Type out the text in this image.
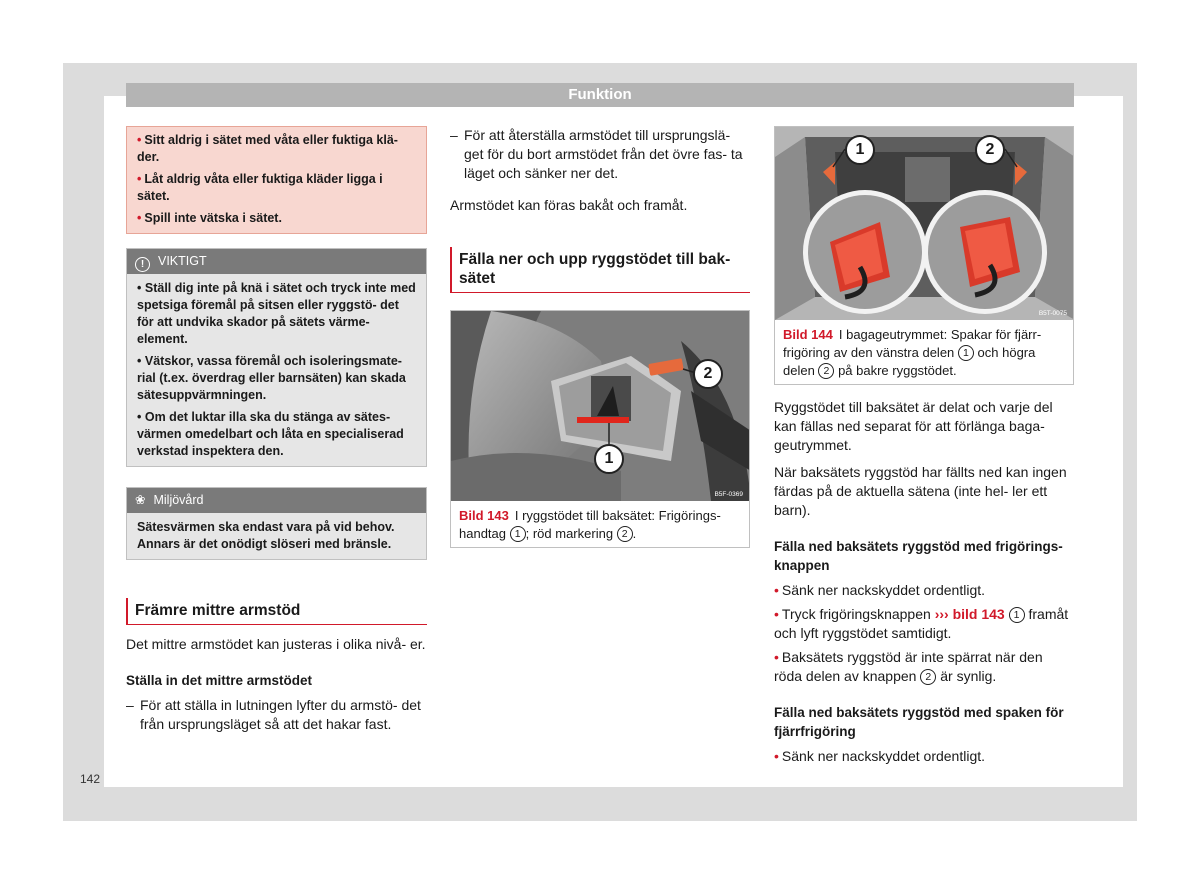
Funktion
142

• Sitt aldrig i sätet med våta eller fuktiga klä- der.

• Låt aldrig våta eller fuktiga kläder ligga i sätet.

• Spill inte vätska i sätet.

! VIKTIGT

• Ställ dig inte på knä i sätet och tryck inte med spetsiga föremål på sitsen eller ryggstö- det för att undvika skador på sätets värme- element.

• Vätskor, vassa föremål och isoleringsmate- rial (t.ex. överdrag eller barnsäten) kan skada sätesuppvärmningen.

• Om det luktar illa ska du stänga av sätes- värmen omedelbart och låta en specialiserad verkstad inspektera den.

❀ Miljövård
Sätesvärmen ska endast vara på vid behov. Annars är det onödigt slöseri med bränsle.
Främre mittre armstöd

Det mittre armstödet kan justeras i olika nivå- er.

Ställa in det mittre armstödet

– För att ställa in lutningen lyfter du armstö- det från ursprungsläget så att det hakar fast.
– För att återställa armstödet till ursprungslä- get för du bort armstödet från det övre fas- ta läget och sänker ner det.

Armstödet kan föras bakåt och framåt.

Fälla ner och upp ryggstödet till bak- sätet
2
1
B5F-0369
Bild 143 I ryggstödet till baksätet: Frigörings- handtag 1 ; röd markering 2 .
1	2
B5T-0075
Bild 144 I bagageutrymmet: Spakar för fjärr- frigöring av den vänstra delen 1 och högra delen 2 på bakre ryggstödet.

Ryggstödet till baksätet är delat och varje del kan fällas ned separat för att förlänga baga- geutrymmet.

När baksätets ryggstöd har fällts ned kan ingen färdas på de aktuella sätena (inte hel- ler ett barn).

Fälla ned baksätets ryggstöd med frigörings- knappen

• Sänk ner nackskyddet ordentligt.

• Tryck frigöringsknappen ››› bild 143 1 framåt och lyft ryggstödet samtidigt.

• Baksätets ryggstöd är inte spärrat när den röda delen av knappen 2 är synlig.

Fälla ned baksätets ryggstöd med spaken för fjärrfrigöring

• Sänk ner nackskyddet ordentligt.
